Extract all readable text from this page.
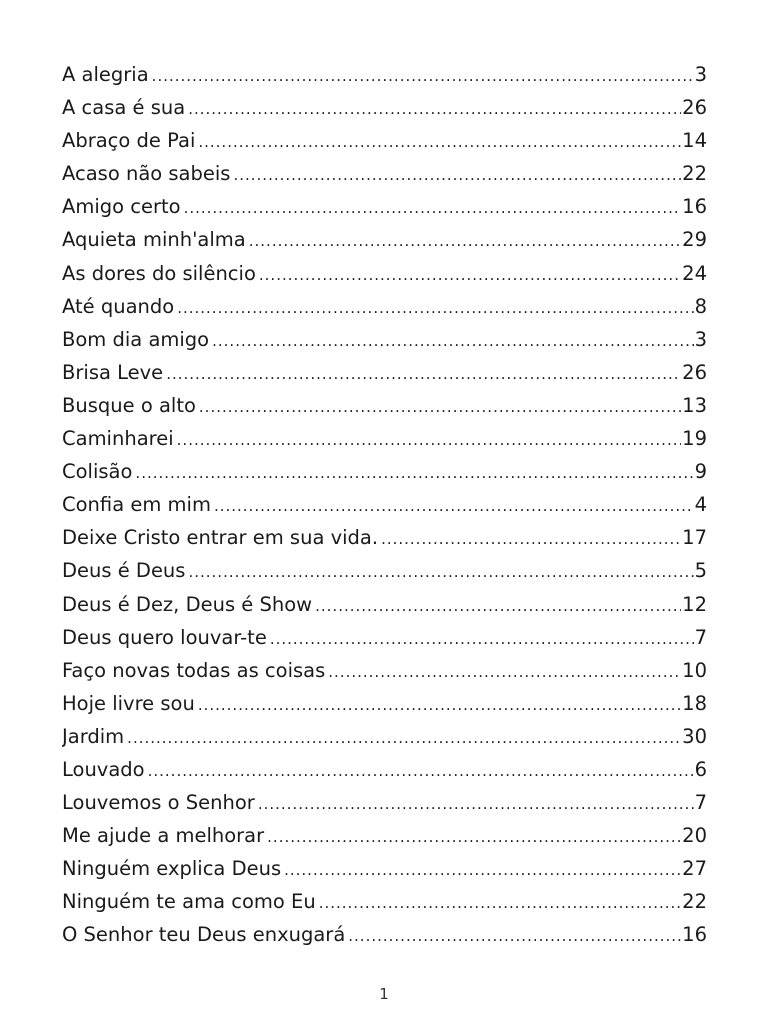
A alegria .....	3
A casa é sua .....	26
Abraço de Pai .....	14
Acaso não sabeis .....	22
Amigo certo .....	16
Aquieta minh'alma .....	29
As dores do silêncio .....	24
Até quando .....	8
Bom dia amigo .....	3
Brisa Leve .....	26
Busque o alto .....	13
Caminharei .....	19
Colisão .....	9
Confia em mim .....	4
Deixe Cristo entrar em sua vida. .....	17
Deus é Deus .....	5
Deus é Dez, Deus é Show .....	12
Deus quero louvar-te .....	7
Faço novas todas as coisas .....	10
Hoje livre sou .....	18
Jardim .....	30
Louvado .....	6
Louvemos o Senhor .....	7
Me ajude a melhorar .....	20
Ninguém explica Deus .....	27
Ninguém te ama como Eu .....	22
O Senhor teu Deus enxugará .....	16
1
